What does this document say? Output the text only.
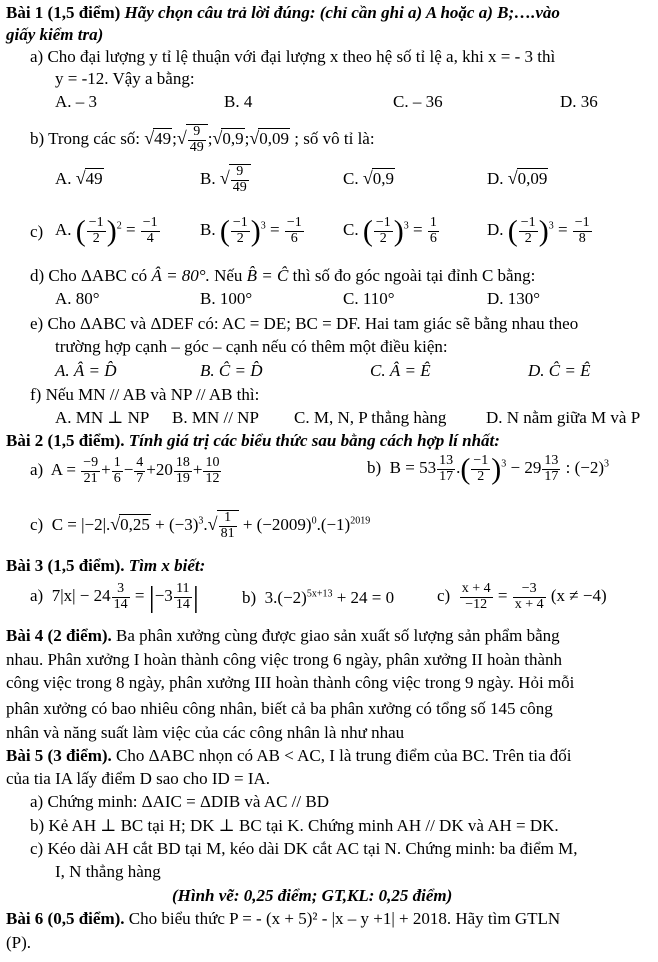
Bài 1 (1,5 điểm) Hãy chọn câu trả lời đúng: (chỉ cần ghi a) A hoặc a) B;….vào
giấy kiểm tra)
a) Cho đại lượng y tỉ lệ thuận với đại lượng x theo hệ số tỉ lệ a, khi x = - 3 thì
y = -12. Vậy a bằng:
A. – 3	B. 4	C. – 36	D. 36
b) Trong các số: √49;√ $\frac{9}{49}$ ;√0,9;√0,09 ; số vô tỉ là:
A. √49	B. √ $\frac{9}{49}$	C. √0,9	D. √0,09
c) A. ( $\frac{-1}{2} )^2 = \frac{-1}{4} B$. ( $\frac{-1}{2} )^3 = \frac{-1}{6} C$. ( $\frac{-1}{2} )^3 = \frac{1}{6}$	D. ( $\frac{-1}{2} )^3 = \frac{-1}{8}$
d) Cho ΔABC có Â = 80°. Nếu B̂ = Ĉ thì số đo góc ngoài tại đỉnh C bằng:
A. 80°	B. 100°	C. 110°	D. 130°
e) Cho ΔABC và ΔDEF có: AC = DE; BC = DF. Hai tam giác sẽ bằng nhau theo
trường hợp cạnh – góc – cạnh nếu có thêm một điều kiện:
A. Â = D̂	B. Ĉ = D̂	C. Â = Ê	D. Ĉ = Ê
f) Nếu MN // AB và NP // AB thì:
A. MN ⊥ NP B. MN // NP C. M, N, P thẳng hàng D. N nằm giữa M và P
Bài 2 (1,5 điểm). Tính giá trị các biểu thức sau bằng cách hợp lí nhất:
a)  $A = \frac{-9}{21} + \frac{1}{6} - \frac{4}{7} +20 \frac{18}{19} + \frac{10}{12}$	b)  $B = 53 \frac{13}{17}$ .( $\frac{-1}{2} )^3 - 29 \frac{13}{17}$ : $(-2)^3$
c)  $C = |-2|.√0,25 + (-3)^3.√ \frac{1}{81} + (-2009)^0.(-1)^{2019}$
Bài 3 (1,5 điểm). Tìm x biết:
a)  $7|x| - 24 \frac{3}{14} = |-3 \frac{11}{14}$ |	b)  $3.(-2)^{5x+13} + 24 = 0$	$c) \frac{x + 4}{-12} = \frac{-3}{x + 4} (x \ne -4)$
Bài 4 (2 điểm). Ba phân xưởng cùng được giao sản xuất số lượng sản phẩm bằng
nhau. Phân xưởng I hoàn thành công việc trong 6 ngày, phân xưởng II hoàn thành
công việc trong 8 ngày, phân xưởng III hoàn thành công việc trong 9 ngày. Hỏi mỗi
phân xưởng có bao nhiêu công nhân, biết cả ba phân xưởng có tổng số 145 công
nhân và năng suất làm việc của các công nhân là như nhau
Bài 5 (3 điểm). Cho ΔABC nhọn có AB < AC, I là trung điểm của BC. Trên tia đối
của tia IA lấy điểm D sao cho ID = IA.
a) Chứng minh: ΔAIC = ΔDIB và AC // BD
b) Kẻ AH ⊥ BC tại H; DK ⊥ BC tại K. Chứng minh AH // DK và AH = DK.
c) Kéo dài AH cắt BD tại M, kéo dài DK cắt AC tại N. Chứng minh: ba điểm M,
I, N thẳng hàng
(Hình vẽ: 0,25 điểm; GT,KL: 0,25 điểm)
Bài 6 (0,5 điểm). Cho biểu thức P = - (x + 5)² - |x – y +1| + 2018. Hãy tìm GTLN
(P).
